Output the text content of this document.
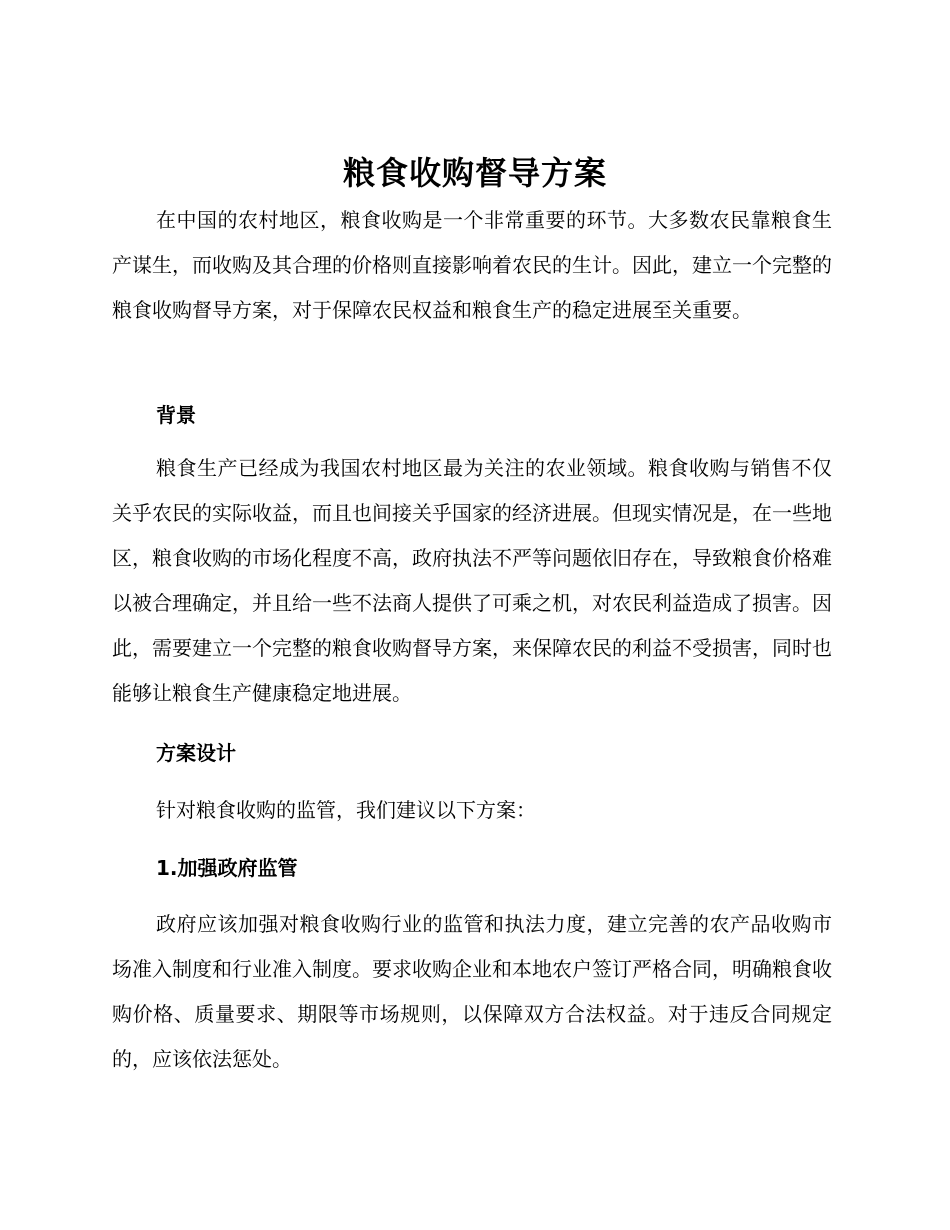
粮食收购督导方案

在中国的农村地区，粮食收购是一个非常重要的环节。大多数农民靠粮食生产谋生，而收购及其合理的价格则直接影响着农民的生计。因此，建立一个完整的粮食收购督导方案，对于保障农民权益和粮食生产的稳定进展至关重要。

背景

粮食生产已经成为我国农村地区最为关注的农业领域。粮食收购与销售不仅关乎农民的实际收益，而且也间接关乎国家的经济进展。但现实情况是，在一些地区，粮食收购的市场化程度不高，政府执法不严等问题依旧存在，导致粮食价格难以被合理确定，并且给一些不法商人提供了可乘之机，对农民利益造成了损害。因此，需要建立一个完整的粮食收购督导方案，来保障农民的利益不受损害，同时也能够让粮食生产健康稳定地进展。

方案设计

针对粮食收购的监管，我们建议以下方案：

1.加强政府监管

政府应该加强对粮食收购行业的监管和执法力度，建立完善的农产品收购市场准入制度和行业准入制度。要求收购企业和本地农户签订严格合同，明确粮食收购价格、质量要求、期限等市场规则，以保障双方合法权益。对于违反合同规定的，应该依法惩处。
